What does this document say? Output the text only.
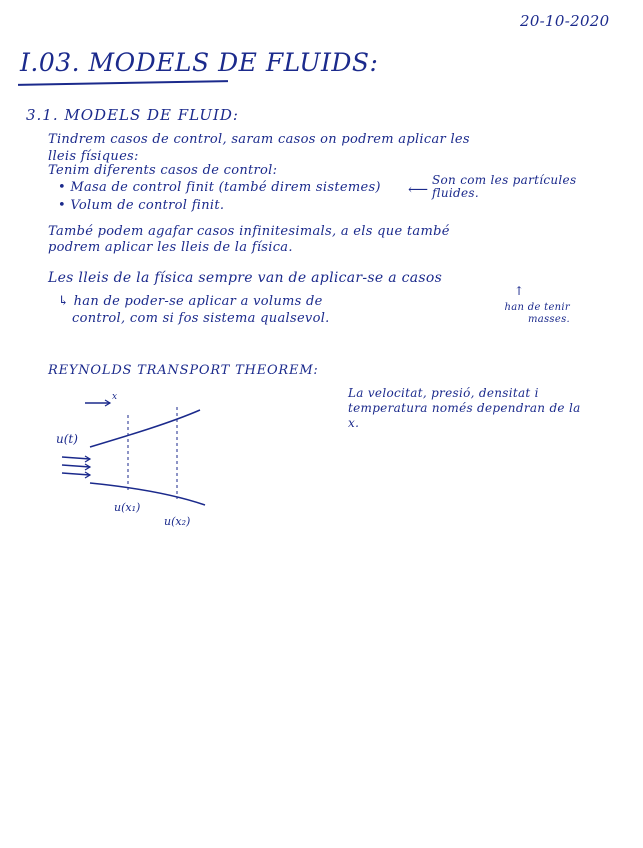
20-10-2020

I.03. MODELS DE FLUIDS:

3.1. MODELS DE FLUID:

Tindrem casos de control, saram casos on podrem aplicar les

lleis físiques:

Tenim diferents casos de control:

• Masa de control finit (també direm sistemes) ⟵

Son com les partícules fluides.

• Volum de control finit.

També podem agafar casos infinitesimals, a els que també

podrem aplicar les lleis de la física.

Les lleis de la física sempre van de aplicar-se a casos

↑

↳ han de poder-se aplicar a volums de

control, com si fos sistema qualsevol.

han de tenir masses.

REYNOLDS TRANSPORT THEOREM:

x
u(t)
u(x₁)
u(x₂)

La velocitat, presió, densitat i temperatura només dependran de la x.
